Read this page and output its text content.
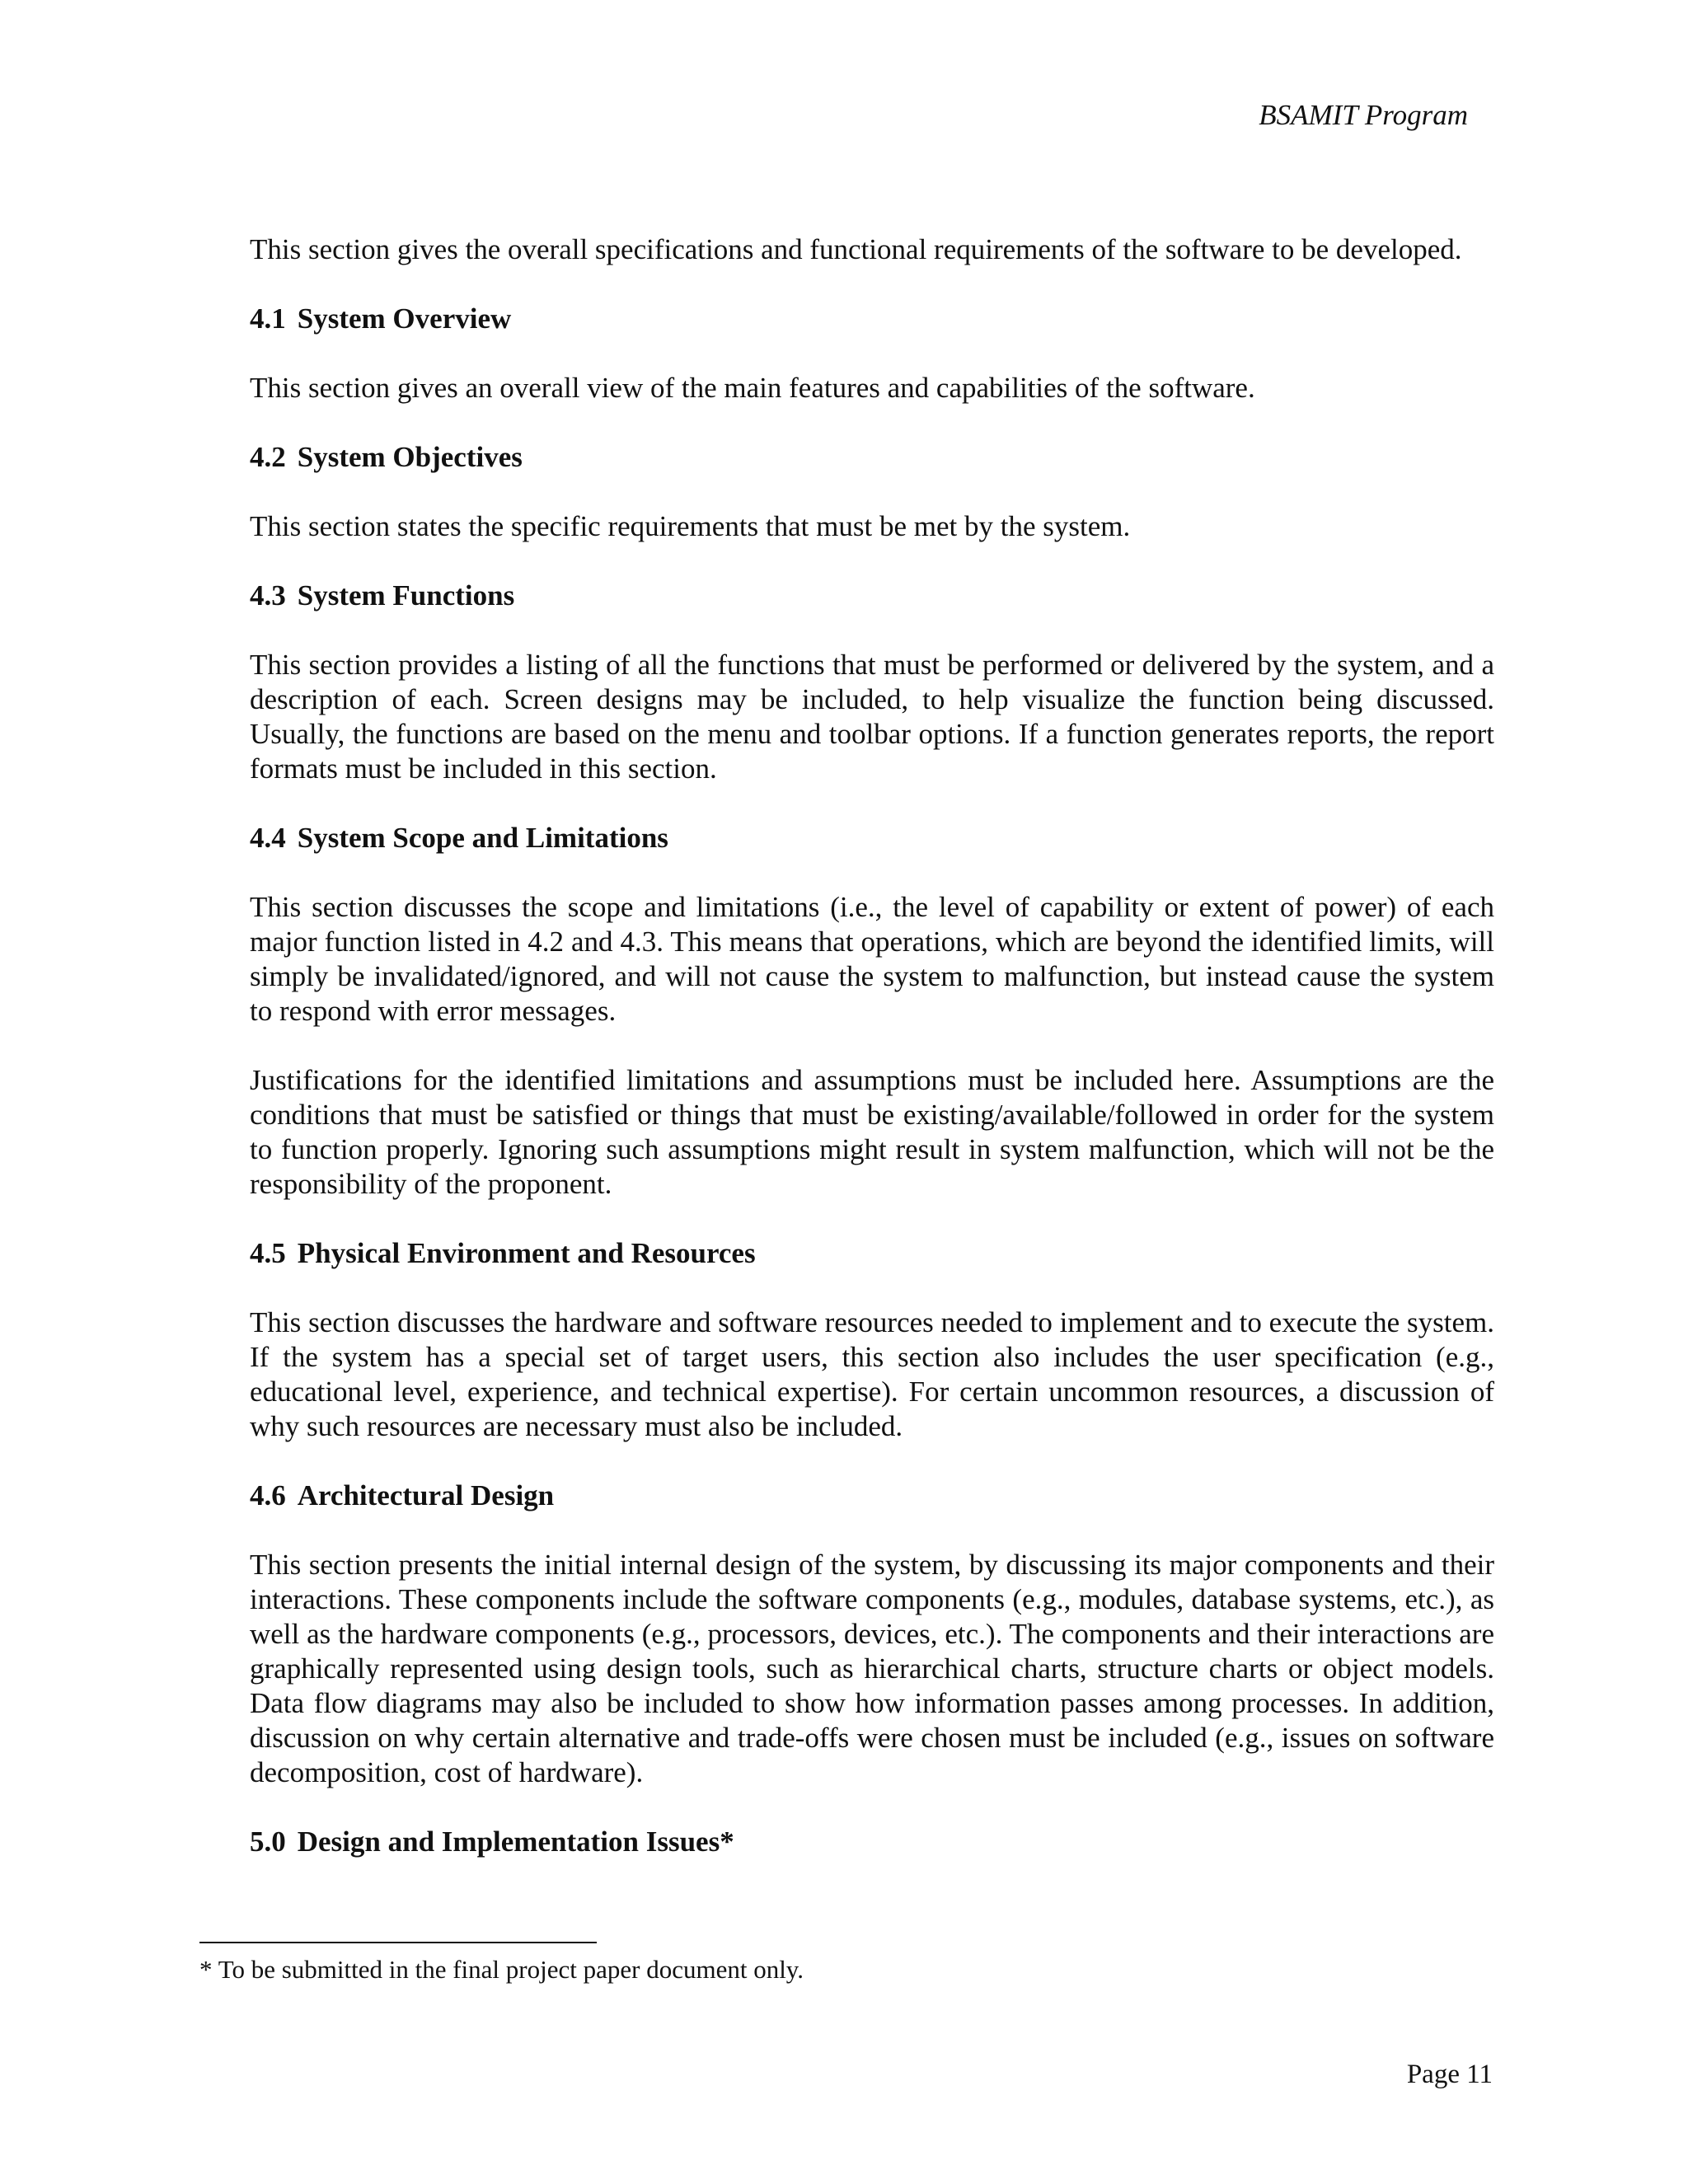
BSAMIT Program

This section gives the overall specifications and functional requirements of the software to be developed.

4.1 System Overview

This section gives an overall view of the main features and capabilities of the software.

4.2 System Objectives

This section states the specific requirements that must be met by the system.

4.3 System Functions

This section provides a listing of all the functions that must be performed or delivered by the system, and a description of each. Screen designs may be included, to help visualize the function being discussed. Usually, the functions are based on the menu and toolbar options. If a function generates reports, the report formats must be included in this section.

4.4 System Scope and Limitations

This section discusses the scope and limitations (i.e., the level of capability or extent of power) of each major function listed in 4.2 and 4.3. This means that operations, which are beyond the identified limits, will simply be invalidated/ignored, and will not cause the system to malfunction, but instead cause the system to respond with error messages.

Justifications for the identified limitations and assumptions must be included here. Assumptions are the conditions that must be satisfied or things that must be existing/available/followed in order for the system to function properly. Ignoring such assumptions might result in system malfunction, which will not be the responsibility of the proponent.

4.5 Physical Environment and Resources

This section discusses the hardware and software resources needed to implement and to execute the system. If the system has a special set of target users, this section also includes the user specification (e.g., educational level, experience, and technical expertise). For certain uncommon resources, a discussion of why such resources are necessary must also be included.

4.6 Architectural Design

This section presents the initial internal design of the system, by discussing its major components and their interactions. These components include the software components (e.g., modules, database systems, etc.), as well as the hardware components (e.g., processors, devices, etc.). The components and their interactions are graphically represented using design tools, such as hierarchical charts, structure charts or object models. Data flow diagrams may also be included to show how information passes among processes. In addition, discussion on why certain alternative and trade-offs were chosen must be included (e.g., issues on software decomposition, cost of hardware).

5.0 Design and Implementation Issues*
* To be submitted in the final project paper document only.
Page 11
